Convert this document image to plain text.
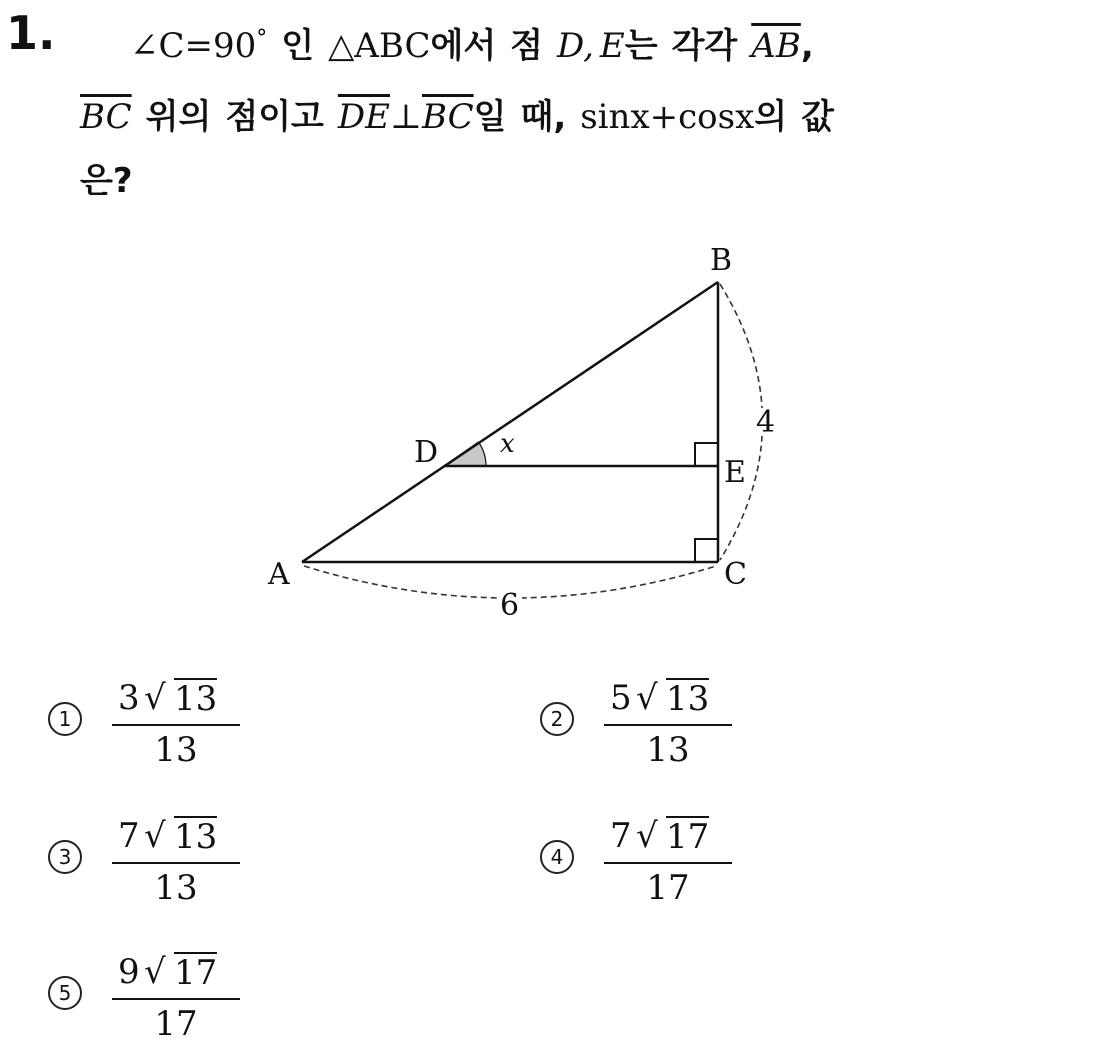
1. ∠C=90° 인 △ABC에서 점 D, E는 각각 $\overline{AB}$,
$\overline{BC}$ 위의 점이고 $\overline{DE}\perp\overline{BC}$일 때, sinx+cosx의 값
은?
B
A	C
D
E
x
4
6
1
3 √ 13
13
2
5 √ 13
13
3
7 √ 13
13
4
7 √ 17
17
5
9 √ 17
17
